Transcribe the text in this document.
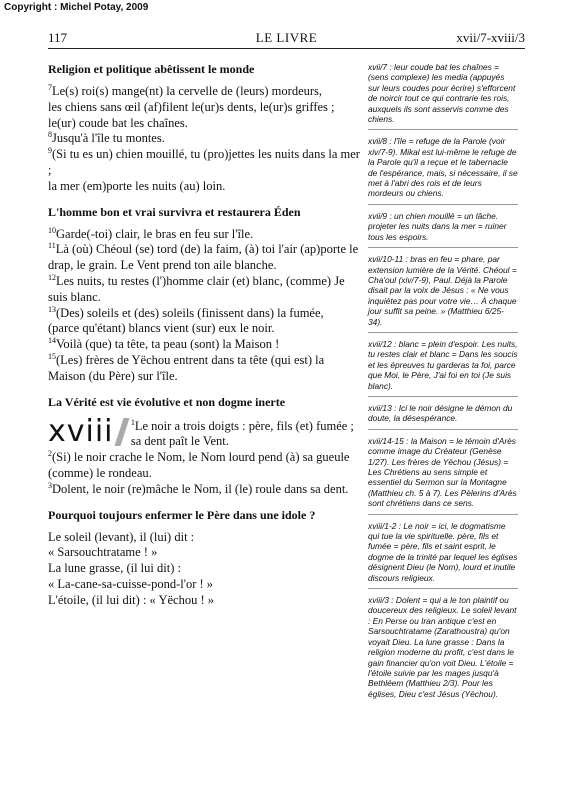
Copyright : Michel Potay, 2009
117	LE LIVRE	xvii/7-xviii/3
Religion et politique abêtissent le monde

$^7$Le(s) roi(s) mange(nt) la cervelle de (leurs) mordeurs,

les chiens sans œil (af)filent le(ur)s dents, le(ur)s griffes ; le(ur) coude bat les chaînes.

$^8$Jusqu'à l'île tu montes.

$^9$(Si tu es un) chien mouillé, tu (pro)jettes les nuits dans la mer ;

la mer (em)porte les nuits (au) loin.

L'homme bon et vrai survivra et restaurera Éden

$^{10}$Garde(-toi) clair, le bras en feu sur l'île.

$^{11}$Là (où) Chéoul (se) tord (de) la faim, (à) toi l'air (ap)porte le drap, le grain. Le Vent prend ton aile blanche.

$^{12}$Les nuits, tu restes (l')homme clair (et) blanc, (comme) Je suis blanc.

$^{13}$(Des) soleils et (des) soleils (finissent dans) la fumée,

(parce qu'étant) blancs vient (sur) eux le noir.

$^{14}$Voilà (que) ta tête, ta peau (sont) la Maison !

$^{15}$(Les) frères de Yëchou entrent dans ta tête (qui est) la Maison (du Père) sur l'île.

La Vérité est vie évolutive et non dogme inerte
xviii $^1$Le noir a trois doigts : père, fils (et) fumée ; sa dent paît le Vent.

$^2$(Si) le noir crache le Nom, le Nom lourd pend (à) sa gueule (comme) le rondeau.

$^3$Dolent, le noir (re)mâche le Nom, il (le) roule dans sa dent.

Pourquoi toujours enfermer le Père dans une idole ?

Le soleil (levant), il (lui) dit :

« Sarsouchtratame ! »

La lune grasse, (il lui dit) :

« La-cane-sa-cuisse-pond-l'or ! »

L'étoile, (il lui dit) : « Yëchou ! »

xvii/7 : leur coude bat les chaînes = (sens complexe) les media (appuyés sur leurs coudes pour écrire) s'efforcent de noircir tout ce qui contrarie les rois, auxquels ils sont asservis comme des chiens.
xvii/8 : l'île = refuge de la Parole (voir xiv/7-9). Mikal est lui-même le refuge de la Parole qu'il a reçue et le tabernacle de l'espérance, mais, si nécessaire, il se met à l'abri des rois et de leurs mordeurs ou chiens.
xvii/9 : un chien mouillé = un lâche. projeter les nuits dans la mer = ruiner tous les espoirs.
xvii/10-11 : bras en feu = phare, par extension lumière de la Vérité. Chéoul = Cha'oul (xiv/7-9), Paul. Déjà la Parole disait par la voix de Jésus : « Ne vous inquiétez pas pour votre vie… À chaque jour suffit sa peine. » (Matthieu 6/25-34).
xvii/12 : blanc = plein d'espoir. Les nuits, tu restes clair et blanc = Dans les soucis et les épreuves tu garderas ta foi, parce que Moi, le Père, J'ai foi en toi (Je suis blanc).
xvii/13 : Ici le noir désigne le démon du doute, la désespérance.
xvii/14-15 : la Maison = le témoin d'Arès comme image du Créateur (Genèse 1/27). Les frères de Yëchou (Jésus) = Les Chrétiens au sens simple et essentiel du Sermon sur la Montagne (Matthieu ch. 5 à 7). Les Pèlerins d'Arès sont chrétiens dans ce sens.
xviii/1-2 : Le noir = ici, le dogmatisme qui tue la vie spirituelle. père, fils et fumée = père, fils et saint esprit, le dogme de la trinité par lequel les églises désignent Dieu (le Nom), lourd et inutile discours religieux.
xviii/3 : Dolent = qui a le ton plaintif ou doucereux des religieux. Le soleil levant : En Perse ou Iran antique c'est en Sarsouchtratame (Zarathoustra) qu'on voyait Dieu. La lune grasse : Dans la religion moderne du profit, c'est dans le gain financier qu'on voit Dieu. L'étoile = l'étoile suivie par les mages jusqu'à Bethléem (Matthieu 2/3). Pour les églises, Dieu c'est Jésus (Yëchou).
